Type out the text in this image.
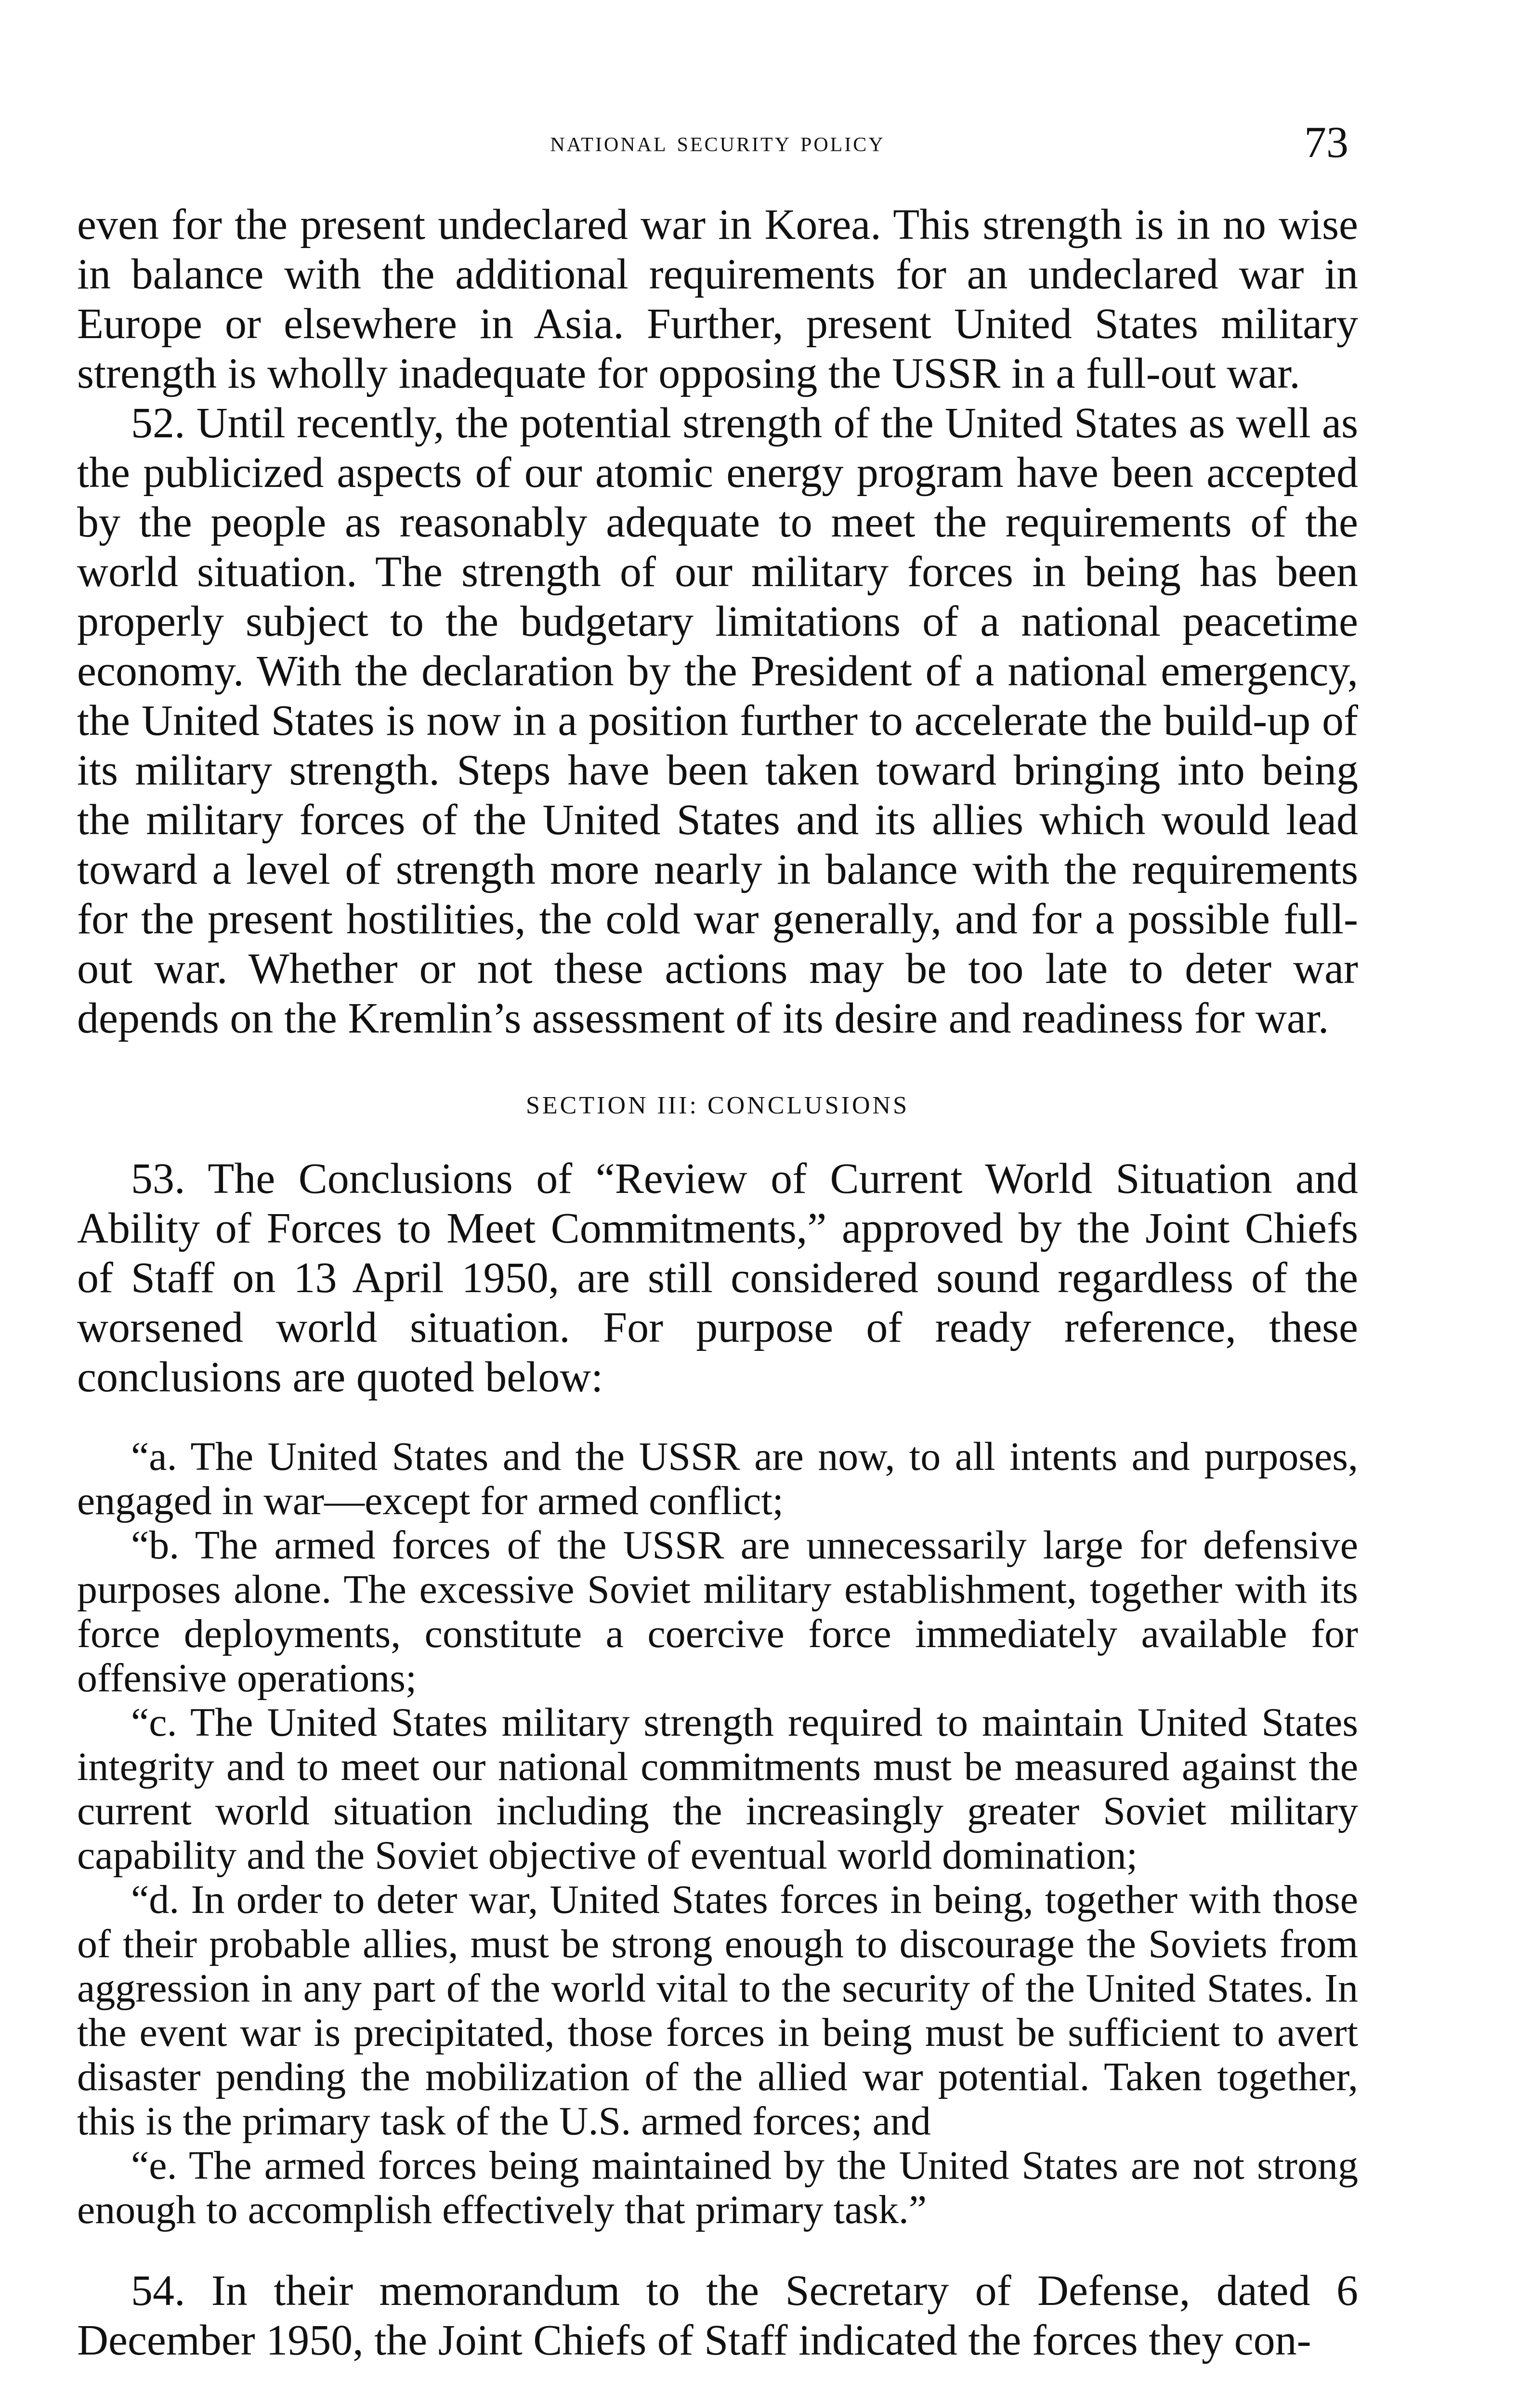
national security policy	73

even for the present undeclared war in Korea. This strength is in no wise in balance with the additional requirements for an undeclared war in Europe or elsewhere in Asia. Further, present United States military strength is wholly inadequate for opposing the USSR in a full-out war.

52. Until recently, the potential strength of the United States as well as the publicized aspects of our atomic energy program have been accepted by the people as reasonably adequate to meet the requirements of the world situation. The strength of our military forces in being has been properly subject to the budgetary limitations of a national peacetime economy. With the declaration by the President of a national emergency, the United States is now in a position further to accelerate the build-up of its military strength. Steps have been taken toward bringing into being the military forces of the United States and its allies which would lead toward a level of strength more nearly in balance with the requirements for the present hostilities, the cold war generally, and for a possible full-out war. Whether or not these actions may be too late to deter war depends on the Kremlin’s assessment of its desire and readiness for war.

SECTION III: CONCLUSIONS

53. The Conclusions of “Review of Current World Situation and Ability of Forces to Meet Commitments,” approved by the Joint Chiefs of Staff on 13 April 1950, are still considered sound regardless of the worsened world situation. For purpose of ready reference, these conclusions are quoted below:

“a. The United States and the USSR are now, to all intents and purposes, engaged in war—except for armed conflict;

“b. The armed forces of the USSR are unnecessarily large for defensive purposes alone. The excessive Soviet military establishment, together with its force deployments, constitute a coercive force immediately available for offensive operations;

“c. The United States military strength required to maintain United States integrity and to meet our national commitments must be measured against the current world situation including the increasingly greater Soviet military capability and the Soviet objective of eventual world domination;

“d. In order to deter war, United States forces in being, together with those of their probable allies, must be strong enough to discourage the Soviets from aggression in any part of the world vital to the security of the United States. In the event war is precipitated, those forces in being must be sufficient to avert disaster pending the mobilization of the allied war potential. Taken together, this is the primary task of the U.S. armed forces; and

“e. The armed forces being maintained by the United States are not strong enough to accomplish effectively that primary task.”

54. In their memorandum to the Secretary of Defense, dated 6 December 1950, the Joint Chiefs of Staff indicated the forces they con-
